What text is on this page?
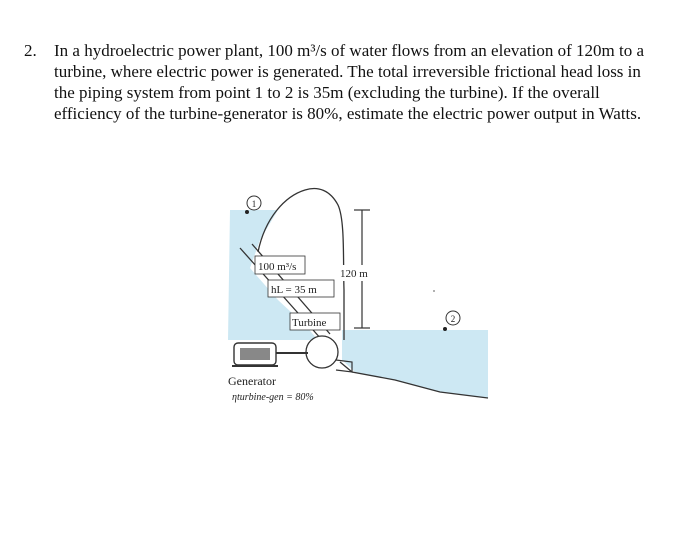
2. In a hydroelectric power plant, 100 m³/s of water flows from an elevation of 120m to a turbine, where electric power is generated. The total irreversible frictional head loss in the piping system from point 1 to 2 is 35m (excluding the turbine). If the overall efficiency of the turbine-generator is 80%, estimate the electric power output in Watts.
1
2
100 m³/s
hL = 35 m
120 m
Turbine
Generator
ηturbine-gen = 80%
